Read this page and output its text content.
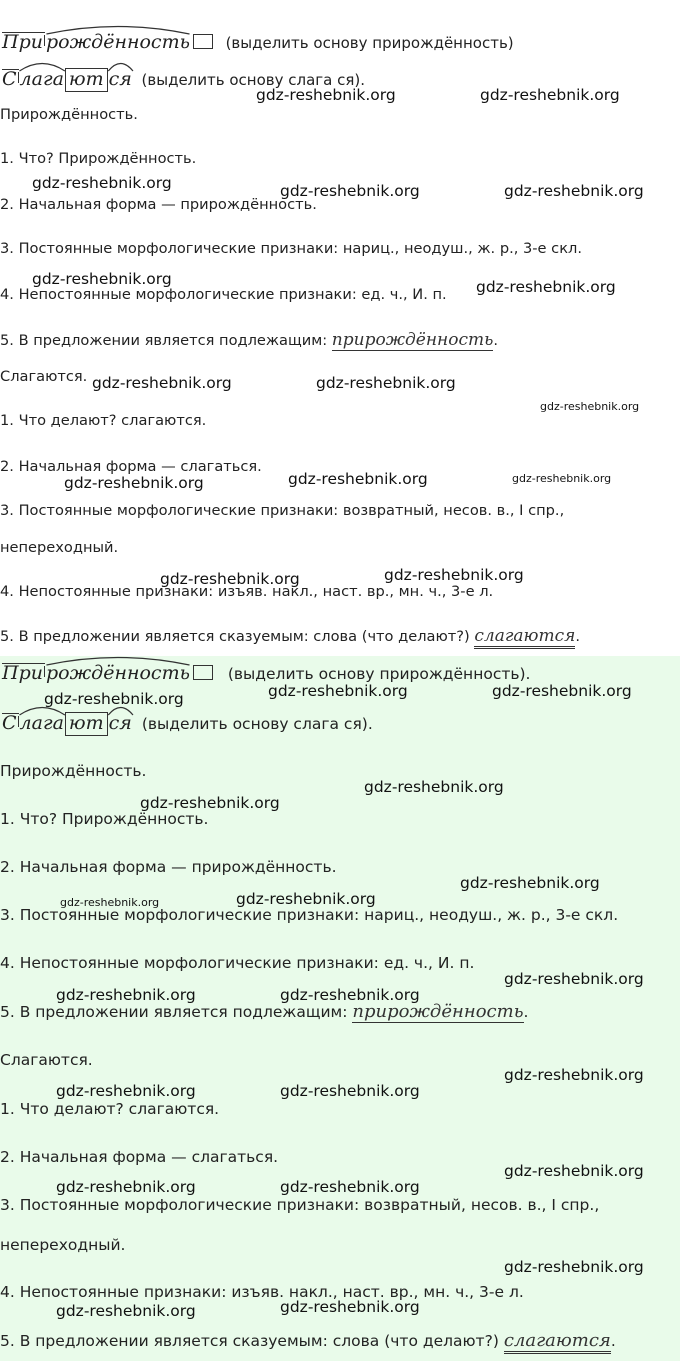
При рождённость (выделить основу прирождённость)
С лага ют ся (выделить основу слага ся).
Прирождённость.
1. Что? Прирождённость.
2. Начальная форма — прирождённость.
3. Постоянные морфологические признаки: нариц., неодуш., ж. р., 3-е скл.
4. Непостоянные морфологические признаки: ед. ч., И. п.
5. В предложении является подлежащим: прирождённость.
Слагаются.
1. Что делают? слагаются.
2. Начальная форма — слагаться.
3. Постоянные морфологические признаки: возвратный, несов. в., I спр.,
непереходный.
4. Непостоянные признаки: изъяв. накл., наст. вр., мн. ч., 3-е л.
5. В предложении является сказуемым: слова (что делают?) слагаются.
gdz-reshebnik.org	gdz-reshebnik.org
gdz-reshebnik.org	gdz-reshebnik.org	gdz-reshebnik.org
gdz-reshebnik.org	gdz-reshebnik.org
gdz-reshebnik.org	gdz-reshebnik.org
gdz-reshebnik.org
gdz-reshebnik.org	gdz-reshebnik.org
gdz-reshebnik.org
gdz-reshebnik.org
gdz-reshebnik.org
При рождённость (выделить основу прирождённость).
С лага ют ся (выделить основу слага ся).
Прирождённость.
1. Что? Прирождённость.
2. Начальная форма — прирождённость.
3. Постоянные морфологические признаки: нариц., неодуш., ж. р., 3-е скл.
4. Непостоянные морфологические признаки: ед. ч., И. п.
5. В предложении является подлежащим: прирождённость.
Слагаются.
1. Что делают? слагаются.
2. Начальная форма — слагаться.
3. Постоянные морфологические признаки: возвратный, несов. в., I спр.,
непереходный.
4. Непостоянные признаки: изъяв. накл., наст. вр., мн. ч., 3-е л.
5. В предложении является сказуемым: слова (что делают?) слагаются.
gdz-reshebnik.org	gdz-reshebnik.org	gdz-reshebnik.org
gdz-reshebnik.org
gdz-reshebnik.org
gdz-reshebnik.org
gdz-reshebnik.org	gdz-reshebnik.org
gdz-reshebnik.org
gdz-reshebnik.org	gdz-reshebnik.org
gdz-reshebnik.org
gdz-reshebnik.org	gdz-reshebnik.org
gdz-reshebnik.org
gdz-reshebnik.org	gdz-reshebnik.org
gdz-reshebnik.org
gdz-reshebnik.org	gdz-reshebnik.org
